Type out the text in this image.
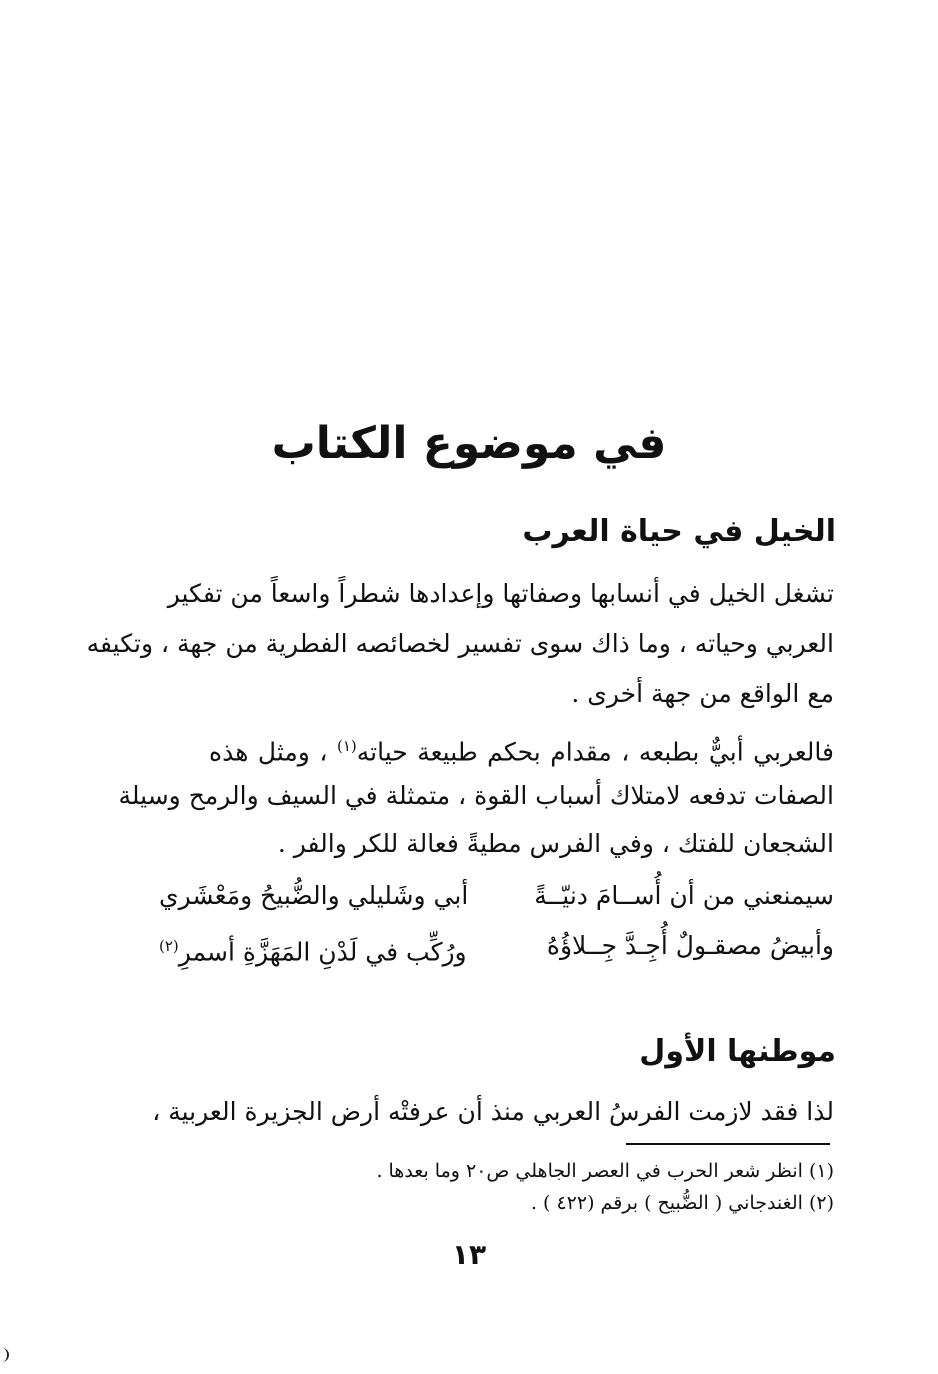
في موضوع الكتاب
الخيل في حياة العرب
تشغل الخيل في أنسابها وصفاتها وإعدادها شطراً واسعاً من تفكير
العربي وحياته ، وما ذاك سوى تفسير لخصائصه الفطرية من جهة ، وتكيفه
مع الواقع من جهة أخرى .
فالعربي أبيٌّ بطبعه ، مقدام بحكم طبيعة حياته$^{(١)}$ ، ومثل هذه
الصفات تدفعه لامتلاك أسباب القوة ، متمثلة في السيف والرمح وسيلة
الشجعان للفتك ، وفي الفرس مطيةً فعالة للكر والفر .
سيمنعني من أن أُســامَ دنيّــةً
أبي وشَليلي والضُّبيحُ ومَعْشَري
وأبيضُ مصقـولٌ أُجِـدَّ جِــلاؤُهُ
ورُكِّب في لَدْنِ المَهَزَّةِ أسمرِ$^{(٢)}$
موطنها الأول
لذا فقد لازمت الفرسُ العربي منذ أن عرفتْه أرض الجزيرة العربية ،
(١) انظر شعر الحرب في العصر الجاهلي ص٢٠ وما بعدها .
(٢) الغندجاني ( الضُّبيح ) برقم (٤٢٢ ) .
١٣
